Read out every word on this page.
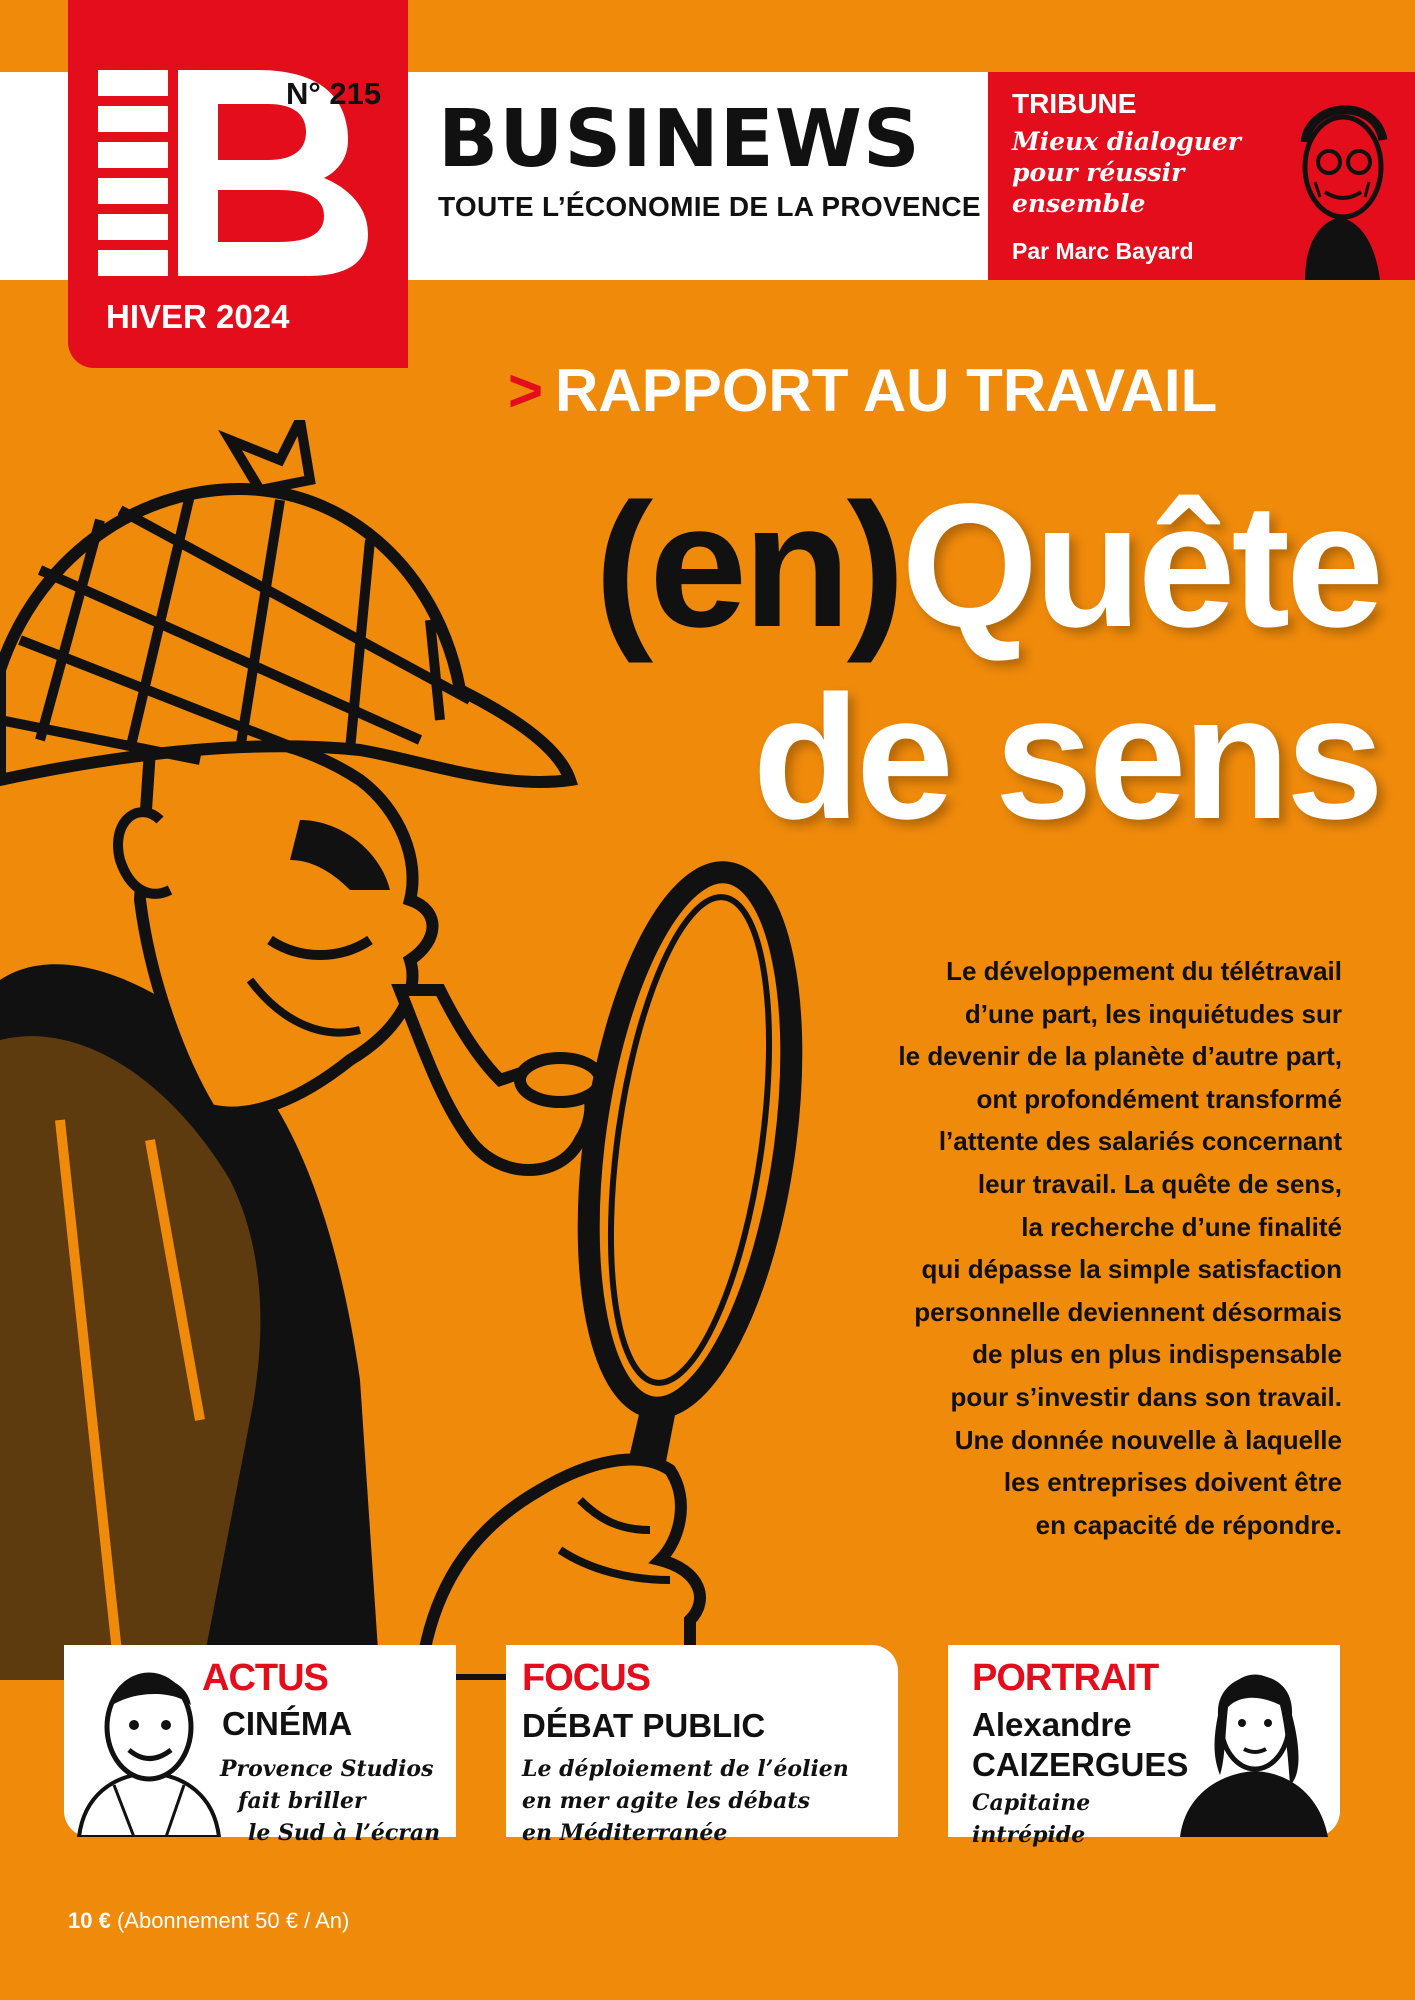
N° 215
HIVER 2024
BUSINEWS
TOUTE L’ÉCONOMIE DE LA PROVENCE
TRIBUNE
Mieux dialoguer pour réussir ensemble
Par Marc Bayard
> RAPPORT AU TRAVAIL
(en)Quête
de sens
Le développement du télétravail
d’une part, les inquiétudes sur
le devenir de la planète d’autre part,
ont profondément transformé
l’attente des salariés concernant
leur travail. La quête de sens,
la recherche d’une finalité
qui dépasse la simple satisfaction
personnelle deviennent désormais
de plus en plus indispensable
pour s’investir dans son travail.
Une donnée nouvelle à laquelle
les entreprises doivent être
en capacité de répondre.
ACTUS
CINÉMA
Provence Studios
fait briller
le Sud à l’écran
FOCUS
DÉBAT PUBLIC
Le déploiement de l’éolien
en mer agite les débats
en Méditerranée
PORTRAIT
Alexandre
CAIZERGUES
Capitaine
intrépide
10 € (Abonnement 50 € / An)
